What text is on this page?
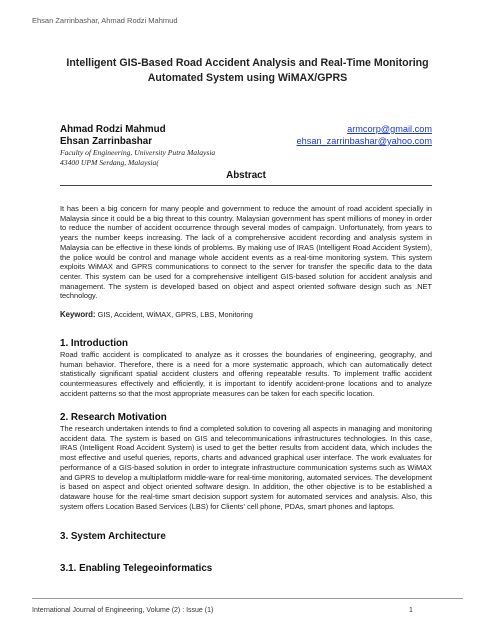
Ehsan Zarrinbashar, Ahmad Rodzi Mahmud
Intelligent GIS-Based Road Accident Analysis and Real-Time Monitoring Automated System using WiMAX/GPRS
Ahmad Rodzi Mahmud	armcorp@gmail.com
Ehsan Zarrinbashar	ehsan_zarrinbashar@yahoo.com
Faculty of Engineering, University Putra Malaysia
43400 UPM Serdang, Malaysia(
Abstract
It has been a big concern for many people and government to reduce the amount of road accident specially in Malaysia since it could be a big threat to this country. Malaysian government has spent millions of money in order to reduce the number of accident occurrence through several modes of campaign. Unfortunately, from years to years the number keeps increasing. The lack of a comprehensive accident recording and analysis system in Malaysia can be effective in these kinds of problems. By making use of IRAS (Intelligent Road Accident System), the police would be control and manage whole accident events as a real-time monitoring system. This system exploits WiMAX and GPRS communications to connect to the server for transfer the specific data to the data center. This system can be used for a comprehensive intelligent GIS-based solution for accident analysis and management. The system is developed based on object and aspect oriented software design such as .NET technology.
Keyword: GIS, Accident, WiMAX, GPRS, LBS, Monitoring
1. Introduction
Road traffic accident is complicated to analyze as it crosses the boundaries of engineering, geography, and human behavior. Therefore, there is a need for a more systematic approach, which can automatically detect statistically significant spatial accident clusters and offering repeatable results. To implement traffic accident countermeasures effectively and efficiently, it is important to identify accident-prone locations and to analyze accident patterns so that the most appropriate measures can be taken for each specific location.
2. Research Motivation
The research undertaken intends to find a completed solution to covering all aspects in managing and monitoring accident data. The system is based on GIS and telecommunications infrastructures technologies. In this case, IRAS (Intelligent Road Accident System) is used to get the better results from accident data, which includes the most effective and useful queries, reports, charts and advanced graphical user interface. The work evaluates for performance of a GIS-based solution in order to integrate infrastructure communication systems such as WiMAX and GPRS to develop a multiplatform middle-ware for real-time monitoring, automated services. The development is based on aspect and object oriented software design. In addition, the other objective is to be established a dataware house for the real-time smart decision support system for automated services and analysis. Also, this system offers Location Based Services (LBS) for Clients' cell phone, PDAs, smart phones and laptops.
3. System Architecture
3.1. Enabling Telegeoinformatics
International Journal of Engineering, Volume (2) : Issue (1)	1
